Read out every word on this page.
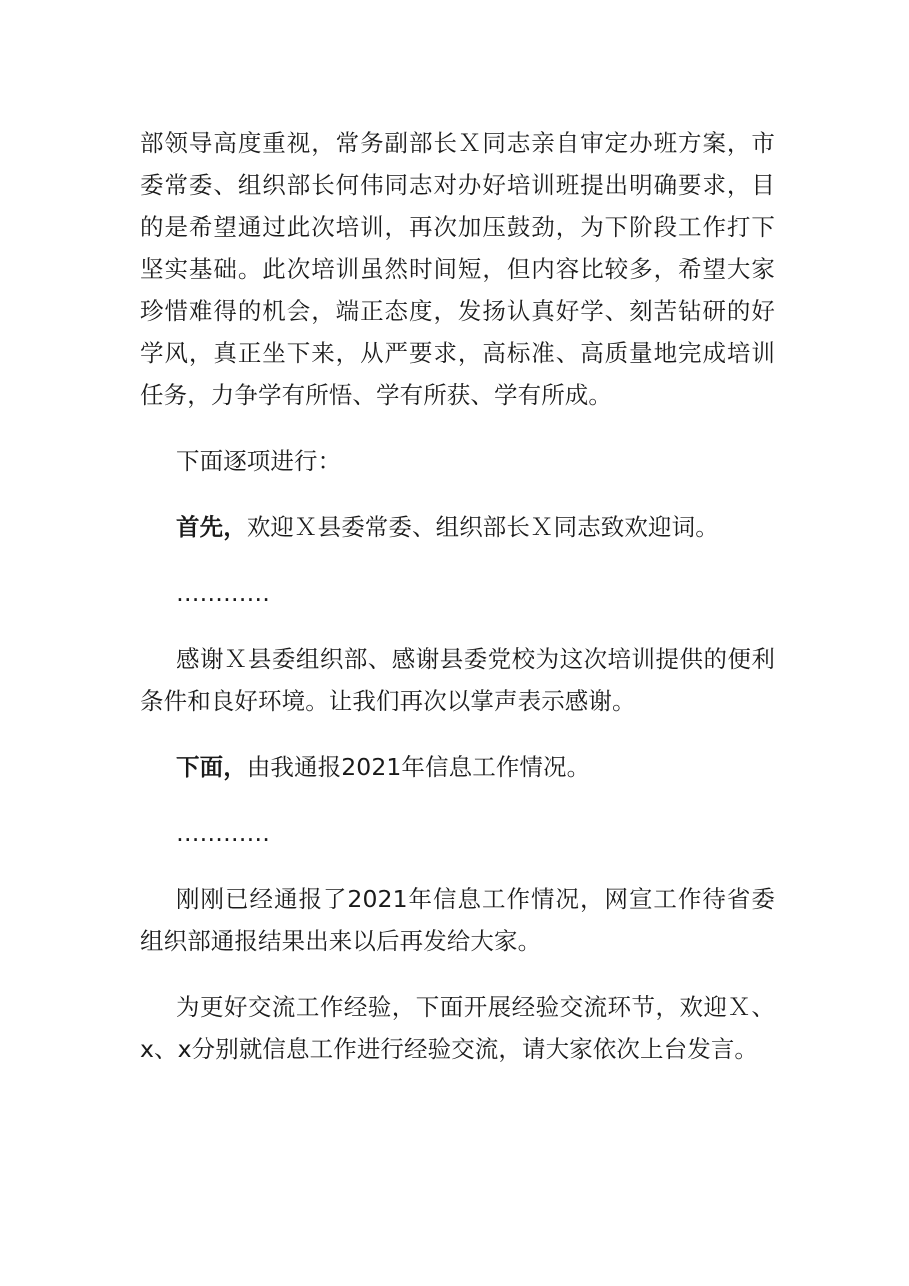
部领导高度重视，常务副部长Ｘ同志亲自审定办班方案，市委常委、组织部长何伟同志对办好培训班提出明确要求，目的是希望通过此次培训，再次加压鼓劲，为下阶段工作打下坚实基础。此次培训虽然时间短，但内容比较多，希望大家珍惜难得的机会，端正态度，发扬认真好学、刻苦钻研的好学风，真正坐下来，从严要求，高标准、高质量地完成培训任务，力争学有所悟、学有所获、学有所成。

下面逐项进行：

首先，欢迎Ｘ县委常委、组织部长Ｘ同志致欢迎词。

…………

感谢Ｘ县委组织部、感谢县委党校为这次培训提供的便利条件和良好环境。让我们再次以掌声表示感谢。

下面，由我通报2021年信息工作情况。

…………

刚刚已经通报了2021年信息工作情况，网宣工作待省委组织部通报结果出来以后再发给大家。

为更好交流工作经验，下面开展经验交流环节，欢迎Ｘ、x、x分别就信息工作进行经验交流，请大家依次上台发言。
